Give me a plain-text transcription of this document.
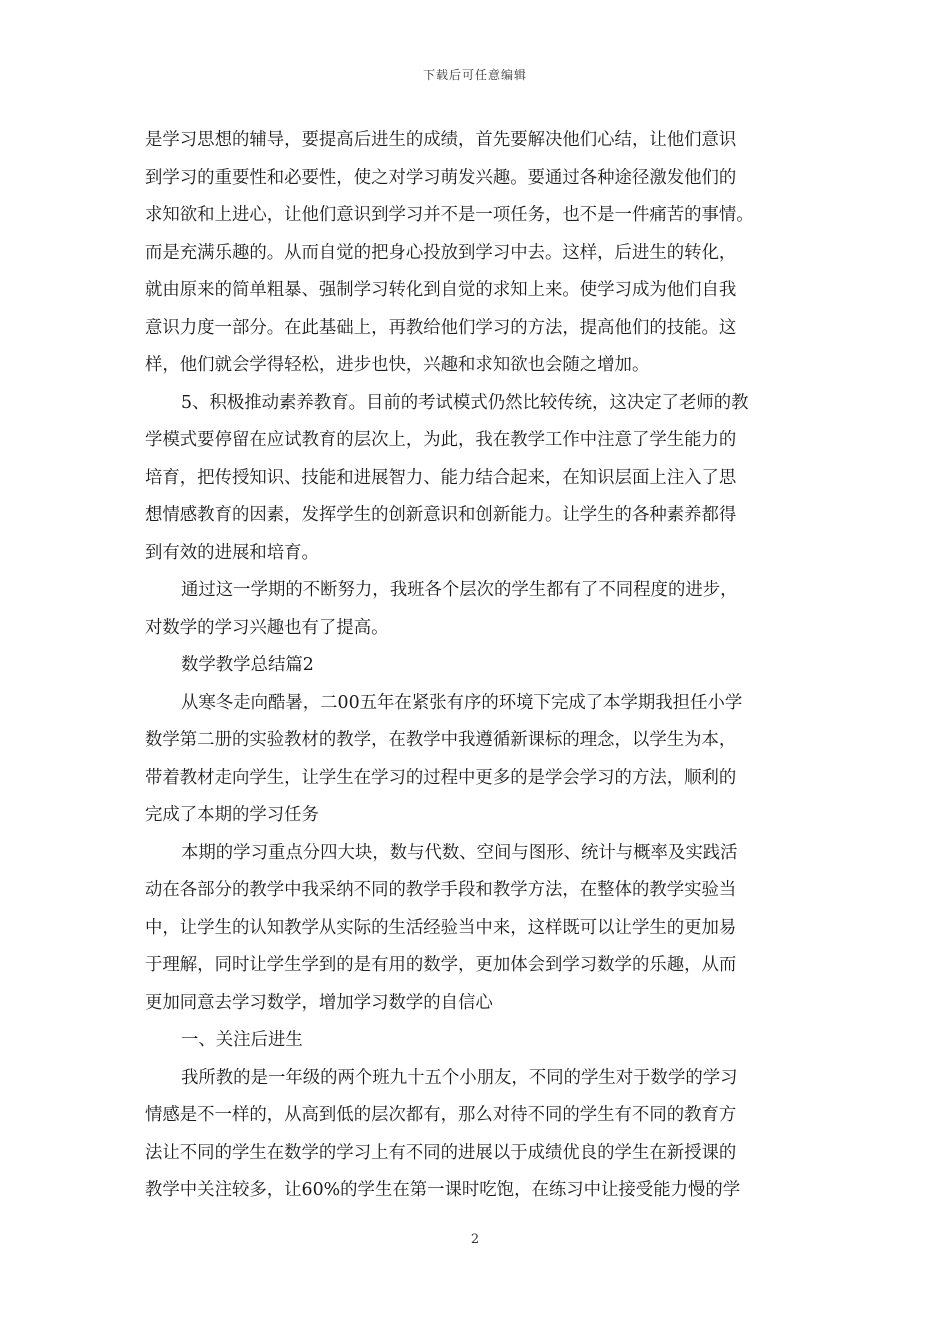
下载后可任意编辑
是学习思想的辅导，要提高后进生的成绩，首先要解决他们心结，让他们意识
到学习的重要性和必要性，使之对学习萌发兴趣。要通过各种途径激发他们的
求知欲和上进心，让他们意识到学习并不是一项任务，也不是一件痛苦的事情。
而是充满乐趣的。从而自觉的把身心投放到学习中去。这样，后进生的转化，
就由原来的简单粗暴、强制学习转化到自觉的求知上来。使学习成为他们自我
意识力度一部分。在此基础上，再教给他们学习的方法，提高他们的技能。这
样，他们就会学得轻松，进步也快，兴趣和求知欲也会随之增加。
5、积极推动素养教育。目前的考试模式仍然比较传统，这决定了老师的教
学模式要停留在应试教育的层次上，为此，我在教学工作中注意了学生能力的
培育，把传授知识、技能和进展智力、能力结合起来，在知识层面上注入了思
想情感教育的因素，发挥学生的创新意识和创新能力。让学生的各种素养都得
到有效的进展和培育。
通过这一学期的不断努力，我班各个层次的学生都有了不同程度的进步，
对数学的学习兴趣也有了提高。
数学教学总结篇2
从寒冬走向酷暑，二00五年在紧张有序的环境下完成了本学期我担任小学
数学第二册的实验教材的教学，在教学中我遵循新课标的理念，以学生为本，
带着教材走向学生，让学生在学习的过程中更多的是学会学习的方法，顺利的
完成了本期的学习任务
本期的学习重点分四大块，数与代数、空间与图形、统计与概率及实践活
动在各部分的教学中我采纳不同的教学手段和教学方法，在整体的教学实验当
中，让学生的认知教学从实际的生活经验当中来，这样既可以让学生的更加易
于理解，同时让学生学到的是有用的数学，更加体会到学习数学的乐趣，从而
更加同意去学习数学，增加学习数学的自信心
一、关注后进生
我所教的是一年级的两个班九十五个小朋友，不同的学生对于数学的学习
情感是不一样的，从高到低的层次都有，那么对待不同的学生有不同的教育方
法让不同的学生在数学的学习上有不同的进展以于成绩优良的学生在新授课的
教学中关注较多，让60%的学生在第一课时吃饱，在练习中让接受能力慢的学
2
